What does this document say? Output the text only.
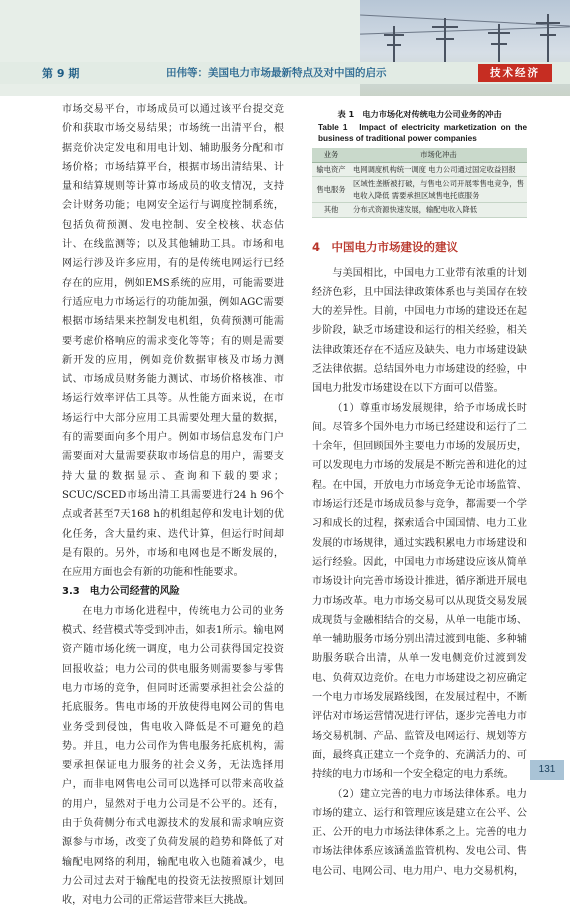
第 9 期	田伟等：美国电力市场最新特点及对中国的启示	技术经济

市场交易平台，市场成员可以通过该平台提交竞价和获取市场交易结果；市场统一出清平台，根据竞价决定发电和用电计划、辅助服务分配和市场价格；市场结算平台，根据市场出清结果、计量和结算规则等计算市场成员的收支情况，支持会计财务功能；电网安全运行与调度控制系统，包括负荷预测、发电控制、安全校核、状态估计、在线监测等；以及其他辅助工具。市场和电网运行涉及许多应用，有的是传统电网运行已经存在的应用，例如EMS系统的应用，可能需要进行适应电力市场运行的功能加强，例如AGC需要根据市场结果来控制发电机组，负荷预测可能需要考虑价格响应的需求变化等等；有的则是需要新开发的应用，例如竞价数据审核及市场力测试、市场成员财务能力测试、市场价格核准、市场运行效率评估工具等。从性能方面来说，在市场运行中大部分应用工具需要处理大量的数据，有的需要面向多个用户。例如市场信息发布门户需要面对大量需要获取市场信息的用户，需要支持大量的数据显示、查询和下载的要求；SCUC/SCED市场出清工具需要进行24 h 96个点或者甚至7天168 h的机组起停和发电计划的优化任务，含大量约束、迭代计算，但运行时间却是有限的。另外，市场和电网也是不断发展的，在应用方面也会有新的功能和性能要求。

3.3　电力公司经营的风险

在电力市场化进程中，传统电力公司的业务模式、经营模式等受到冲击，如表1所示。输电网资产随市场化统一调度，电力公司获得国定投资回报收益；电力公司的供电服务则需要参与零售电力市场的竞争，但同时还需要承担社会公益的托底服务。售电市场的开放使得电网公司的售电业务受到侵蚀，售电收入降低是不可避免的趋势。并且，电力公司作为售电服务托底机构，需要承担保证电力服务的社会义务，无法选择用户，而非电网售电公司可以选择可以带来高收益的用户，显然对于电力公司是不公平的。还有，由于负荷侧分布式电源技术的发展和需求响应资源参与市场，改变了负荷发展的趋势和降低了对输配电网络的利用，输配电收入也随着减少，电力公司过去对于输配电的投资无法按照原计划回收，对电力公司的正常运营带来巨大挑战。

表 1　电力市场化对传统电力公司业务的冲击
Table 1　Impact of electricity marketization on the business of traditional power companies
业务	市场化冲击
输电资产	电网调度机构统一调度 电力公司通过国定收益回报
售电服务	区域性垄断被打破，与售电公司开展零售电竞争，售电收入降低 需要承担区域售电托底服务
其他	分布式资源快速发展，输配电收入降低
4　中国电力市场建设的建议

与美国相比，中国电力工业带有浓重的计划经济色彩，且中国法律政策体系也与美国存在较大的差异性。目前，中国电力市场的建设还在起步阶段，缺乏市场建设和运行的相关经验，相关法律政策还存在不适应及缺失、电力市场建设缺乏法律依据。总结国外电力市场建设的经验，中国电力批发市场建设在以下方面可以借鉴。

（1）尊重市场发展规律，给予市场成长时间。尽管多个国外电力市场已经建设和运行了二十余年，但回顾国外主要电力市场的发展历史，可以发现电力市场的发展是不断完善和进化的过程。在中国，开放电力市场竞争无论市场监管、市场运行还是市场成员参与竞争，都需要一个学习和成长的过程，探索适合中国国情、电力工业发展的市场规律，通过实践积累电力市场建设和运行经验。因此，中国电力市场建设应该从简单市场设计向完善市场设计推进，循序渐进开展电力市场改革。电力市场交易可以从现货交易发展成现货与金融相结合的交易，从单一电能市场、单一辅助服务市场分别出清过渡到电能、多种辅助服务联合出清，从单一发电侧竞价过渡到发电、负荷双边竞价。在电力市场建设之初应确定一个电力市场发展路线图，在发展过程中，不断评估对市场运营情况进行评估，逐步完善电力市场交易机制、产品、监管及电网运行、规划等方面，最终真正建立一个竞争的、充满活力的、可持续的电力市场和一个安全稳定的电力系统。

（2）建立完善的电力市场法律体系。电力市场的建立、运行和管理应该是建立在公平、公正、公开的电力市场法律体系之上。完善的电力市场法律体系应该涵盖监管机构、发电公司、售电公司、电网公司、电力用户、电力交易机构，

131
